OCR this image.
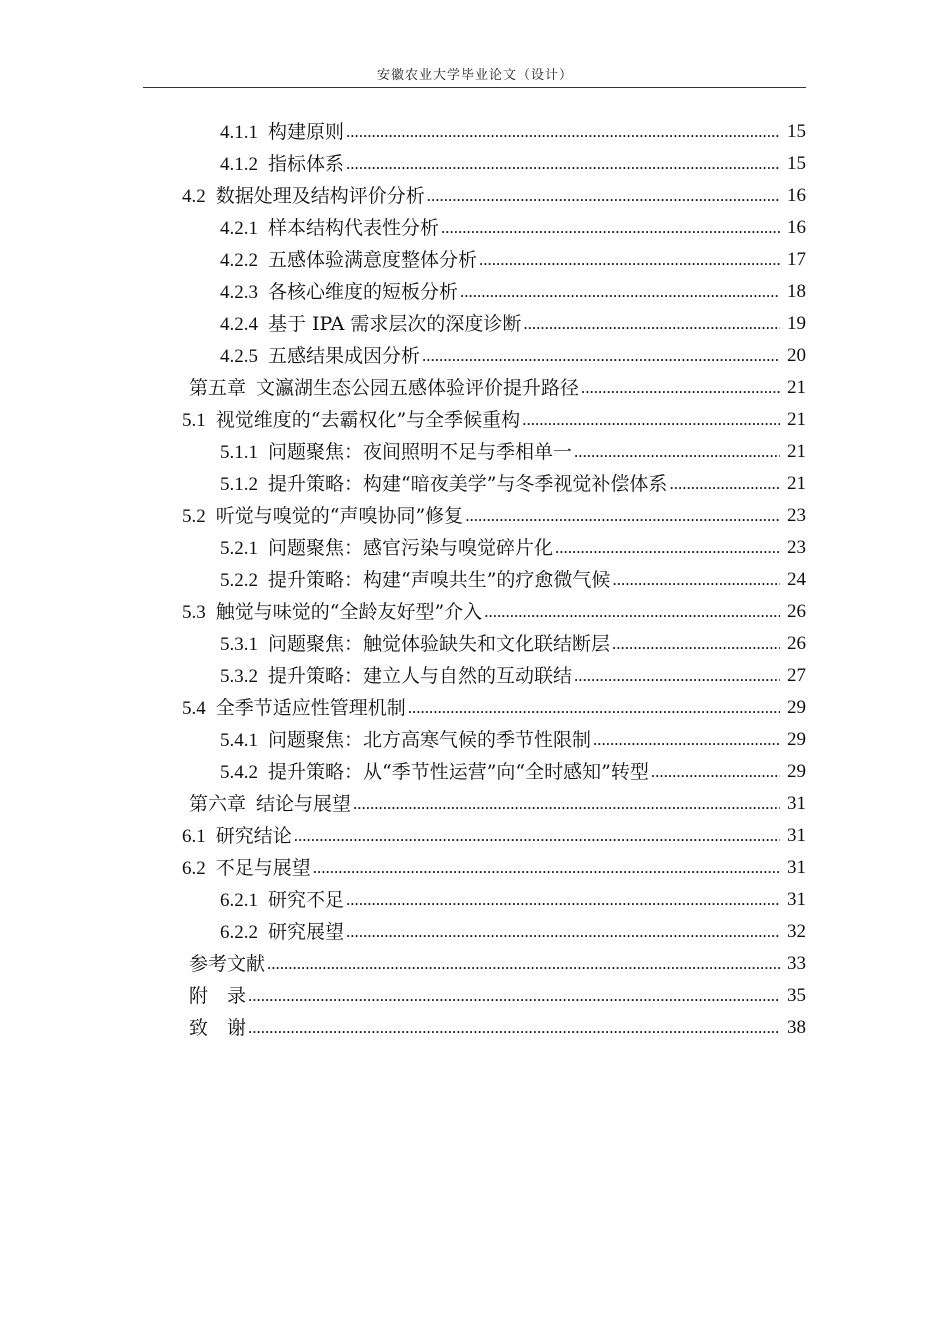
安徽农业大学毕业论文（设计）
4.1.1 构建原则 .....	15
4.1.2 指标体系 .....	15
4.2 数据处理及结构评价分析 .....	16
4.2.1 样本结构代表性分析 .....	16
4.2.2 五感体验满意度整体分析 .....	17
4.2.3 各核心维度的短板分析 .....	18
4.2.4 基于 IPA 需求层次的深度诊断 .....	19
4.2.5 五感结果成因分析 .....	20
第五章 文瀛湖生态公园五感体验评价提升路径 .....	21
5.1 视觉维度的“去霸权化”与全季候重构 .....	21
5.1.1 问题聚焦：夜间照明不足与季相单一 .....	21
5.1.2 提升策略：构建“暗夜美学”与冬季视觉补偿体系 .....	21
5.2 听觉与嗅觉的“声嗅协同”修复 .....	23
5.2.1 问题聚焦：感官污染与嗅觉碎片化 .....	23
5.2.2 提升策略：构建“声嗅共生”的疗愈微气候 .....	24
5.3 触觉与味觉的“全龄友好型”介入 .....	26
5.3.1 问题聚焦：触觉体验缺失和文化联结断层 .....	26
5.3.2 提升策略：建立人与自然的互动联结 .....	27
5.4 全季节适应性管理机制 .....	29
5.4.1 问题聚焦：北方高寒气候的季节性限制 .....	29
5.4.2 提升策略：从“季节性运营”向“全时感知”转型 .....	29
第六章 结论与展望 .....	31
6.1 研究结论 .....	31
6.2 不足与展望 .....	31
6.2.1 研究不足 .....	31
6.2.2 研究展望 .....	32
参考文献 .....	33
附　录 .....	35
致　谢 .....	38
